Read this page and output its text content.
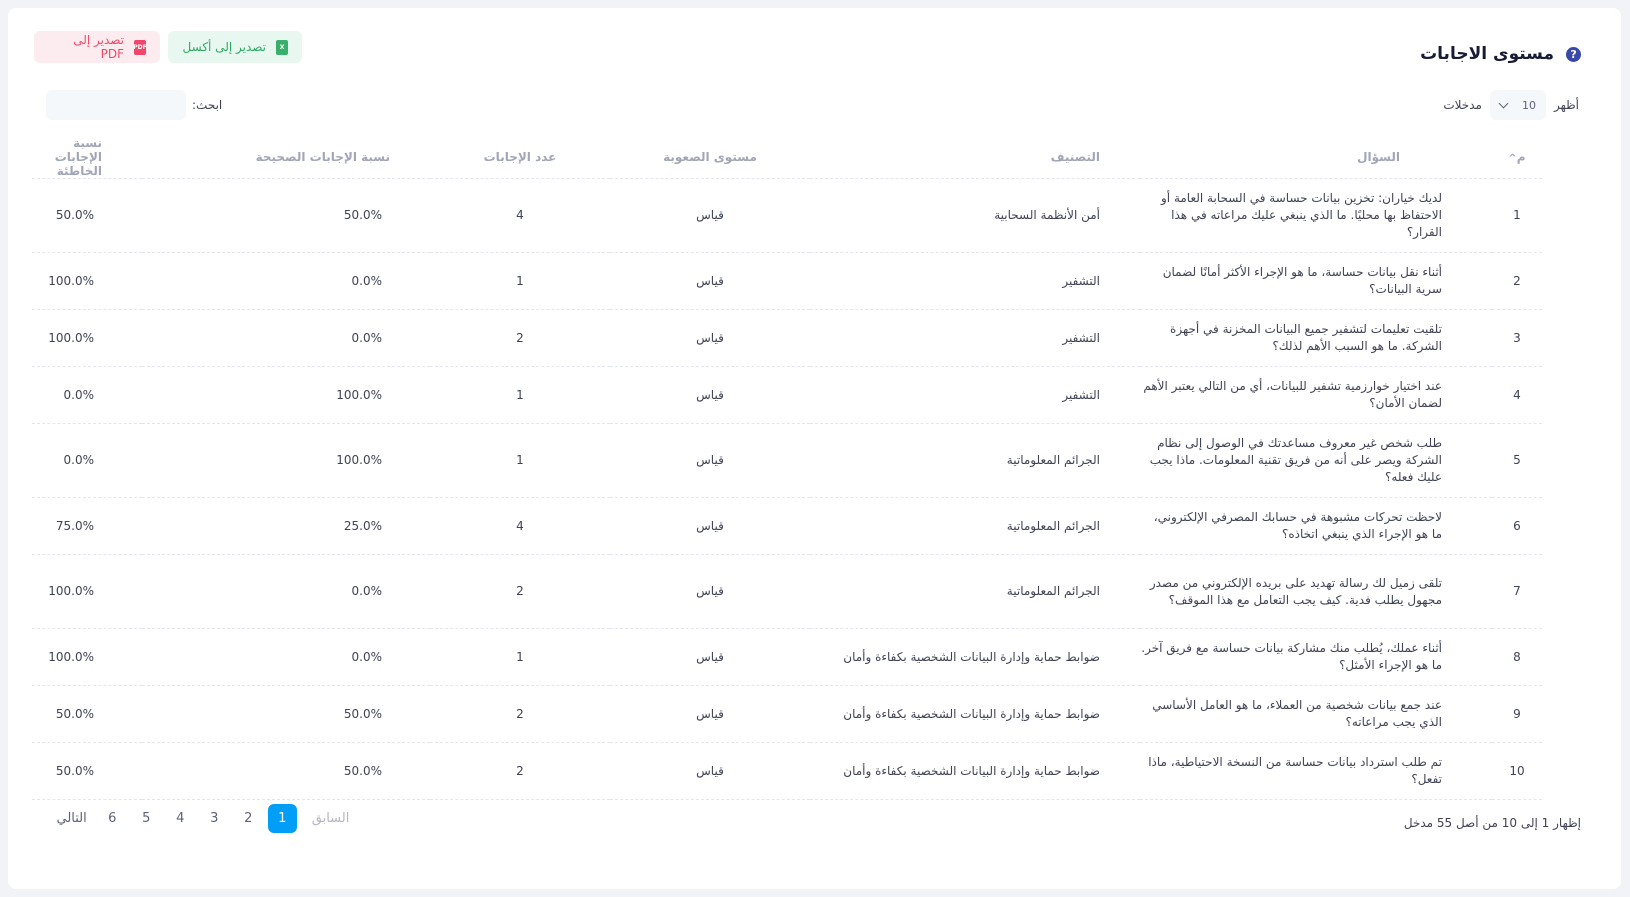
?
مستوى الاجابات
X
تصدير إلى أكسل
PDF
تصدير إلى PDF
أظهر
10
مدخلات
ابحث:
م^	السؤال	التصنيف	مستوى الصعوبة	عدد الإجابات	نسبة الإجابات الصحيحة	نسبة الإجابات الخاطئة
1	لديك خياران: تخزين بيانات حساسة في السحابة العامة أو الاحتفاظ بها محليًا. ما الذي ينبغي عليك مراعاته في هذا القرار؟	أمن الأنظمة السحابية	قياس	4	50.0%	50.0%
2	أثناء نقل بيانات حساسة، ما هو الإجراء الأكثر أمانًا لضمان سرية البيانات؟	التشفير	قياس	1	0.0%	100.0%
3	تلقيت تعليمات لتشفير جميع البيانات المخزنة في أجهزة الشركة. ما هو السبب الأهم لذلك؟	التشفير	قياس	2	0.0%	100.0%
4	عند اختيار خوارزمية تشفير للبيانات، أي من التالي يعتبر الأهم لضمان الأمان؟	التشفير	قياس	1	100.0%	0.0%
5	طلب شخص غير معروف مساعدتك في الوصول إلى نظام الشركة ويصر على أنه من فريق تقنية المعلومات. ماذا يجب عليك فعله؟	الجرائم المعلوماتية	قياس	1	100.0%	0.0%
6	لاحظت تحركات مشبوهة في حسابك المصرفي الإلكتروني، ما هو الإجراء الذي ينبغي اتخاذه؟	الجرائم المعلوماتية	قياس	4	25.0%	75.0%
7	تلقى زميل لك رسالة تهديد على بريده الإلكتروني من مصدر مجهول يطلب فدية. كيف يجب التعامل مع هذا الموقف؟	الجرائم المعلوماتية	قياس	2	0.0%	100.0%
8	أثناء عملك، يُطلب منك مشاركة بيانات حساسة مع فريق آخر. ما هو الإجراء الأمثل؟	ضوابط حماية وإدارة البيانات الشخصية بكفاءة وأمان	قياس	1	0.0%	100.0%
9	عند جمع بيانات شخصية من العملاء، ما هو العامل الأساسي الذي يجب مراعاته؟	ضوابط حماية وإدارة البيانات الشخصية بكفاءة وأمان	قياس	2	50.0%	50.0%
10	تم طلب استرداد بيانات حساسة من النسخة الاحتياطية، ماذا تفعل؟	ضوابط حماية وإدارة البيانات الشخصية بكفاءة وأمان	قياس	2	50.0%	50.0%
إظهار 1 إلى 10 من أصل 55 مدخل
السابق
1
2
3
4
5
6
التالي
